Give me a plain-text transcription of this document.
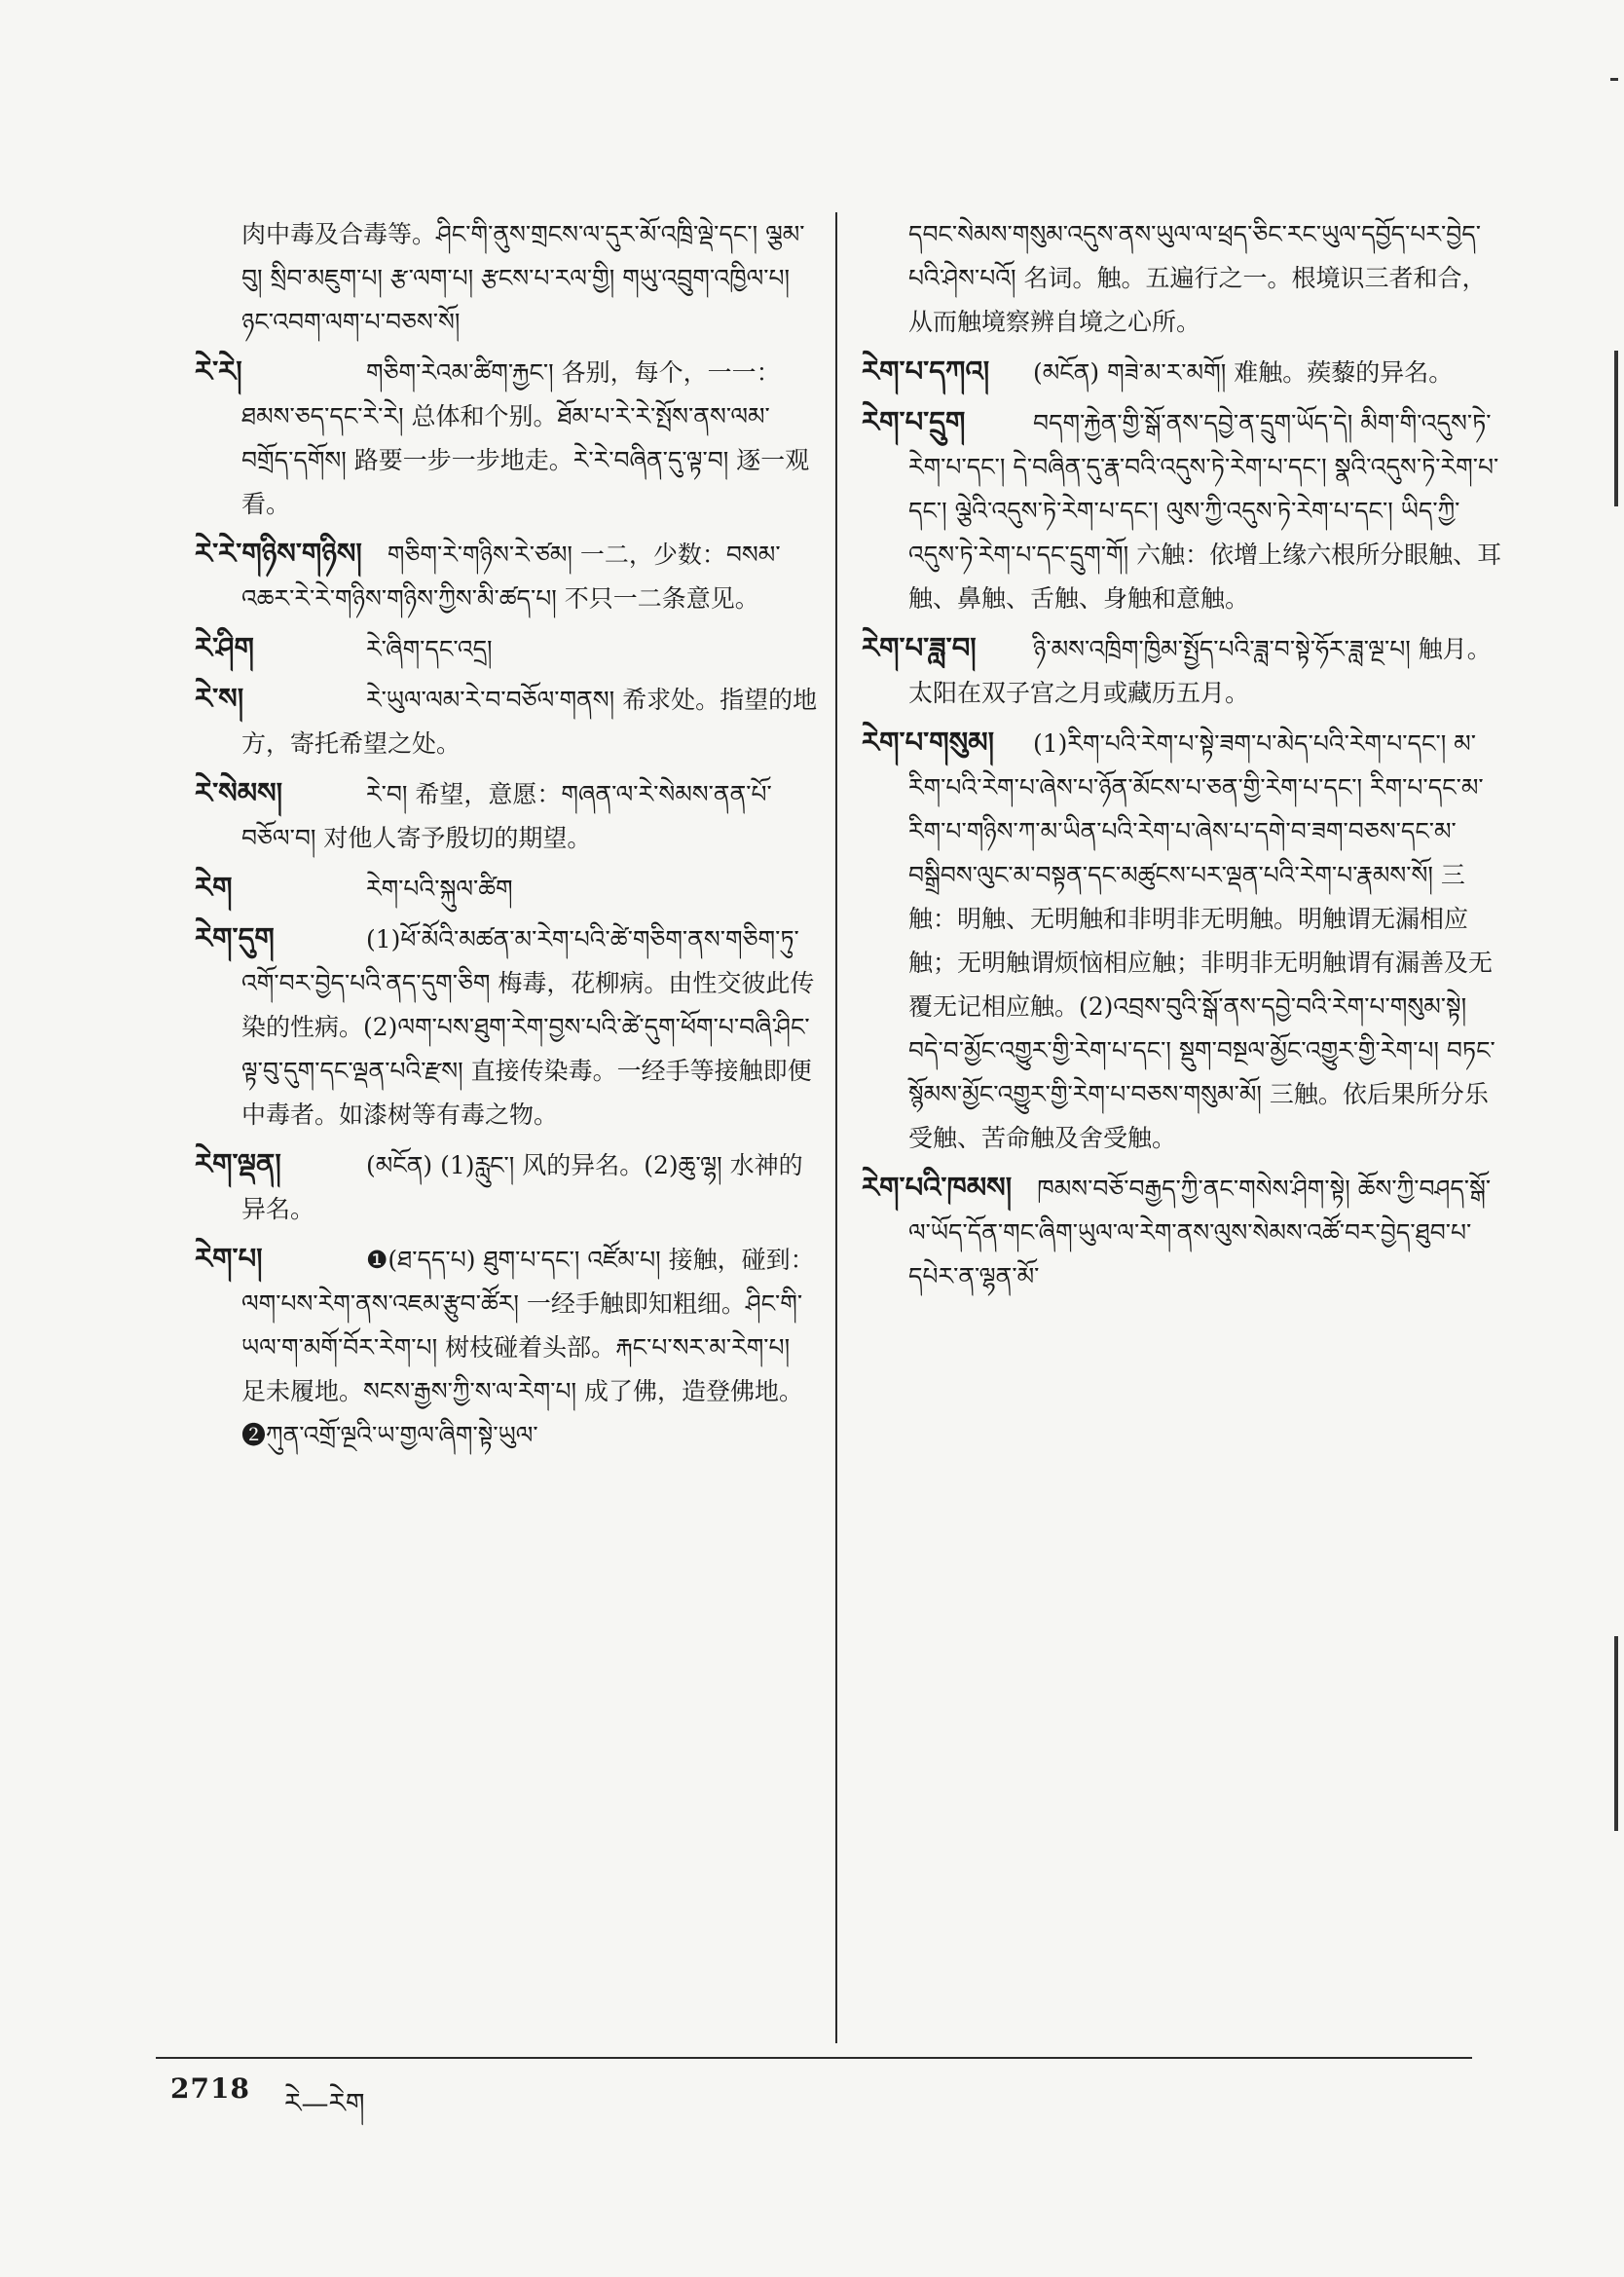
肉中毒及合毒等。ཤིང་གི་ནུས་གྲངས་ལ་དུར་མོ་འཁྲི་ལྡེ་དང་། ལྕམ་བུ། སྲིབ་མཇུག་པ། རྩ་ལག་པ། རྩངས་པ་རལ་གྱི། གཡུ་འབྲུག་འཁྱིལ་པ། ཉང་འབག་ལག་པ་བཅས་སོ།
རེ་རེ།	གཅིག་རེའམ་ཚིག་རྐྱང་། 各别，每个，一一：ཐམས་ཅད་དང་རེ་རེ། 总体和个别。ཐོམ་པ་རེ་རེ་སྤོས་ནས་ལམ་བགྲོད་དགོས། 路要一步一步地走。རེ་རེ་བཞིན་དུ་ལྟ་བ། 逐一观看。
རེ་རེ་གཉིས་གཉིས། གཅིག་རེ་གཉིས་རེ་ཙམ། 一二，少数：བསམ་འཆར་རེ་རེ་གཉིས་གཉིས་ཀྱིས་མི་ཚད་པ། 不只一二条意见。
རེ་ཤིག	རེ་ཞིག་དང་འདྲ།
རེ་ས།	རེ་ཡུལ་ལམ་རེ་བ་བཅོལ་གནས། 希求处。指望的地方，寄托希望之处。
རེ་སེམས།	རེ་བ། 希望，意愿：གཞན་ལ་རེ་སེམས་ནན་པོ་བཅོལ་བ། 对他人寄予殷切的期望。
རེག	རེག་པའི་སྐུལ་ཚིག
རེག་དུག	(1)ཕོ་མོའི་མཚན་མ་རེག་པའི་ཚེ་གཅིག་ནས་གཅིག་ཏུ་འགོ་བར་བྱེད་པའི་ནད་དུག་ཅིག 梅毒，花柳病。由性交彼此传染的性病。(2)ལག་པས་ཐུག་རེག་བྱས་པའི་ཚེ་དུག་ཕོག་པ་བཞི་ཤིང་ལྟ་བུ་དུག་དང་ལྡན་པའི་རྫས། 直接传染毒。一经手等接触即便中毒者。如漆树等有毒之物。
རེག་ལྡན།	(མངོན) (1)རླུང་། 风的异名。(2)ཆུ་ལྷ། 水神的异名。
རེག་པ།	❶(ཐ་དད་པ) ཐུག་པ་དང་། འཛོམ་པ། 接触，碰到：ལག་པས་རེག་ནས་འཇམ་རྩུབ་ཚོར། 一经手触即知粗细。ཤིང་གི་ཡལ་ག་མགོ་བོར་རེག་པ། 树枝碰着头部。རྐང་པ་སར་མ་རེག་པ། 足未履地。སངས་རྒྱས་ཀྱི་ས་ལ་རེག་པ། 成了佛，造登佛地。❷ཀུན་འགྲོ་ལྔའི་ཡ་གྱལ་ཞིག་སྟེ་ཡུལ་
དབང་སེམས་གསུམ་འདུས་ནས་ཡུལ་ལ་ཕྲད་ཅིང་རང་ཡུལ་དབྱོད་པར་བྱེད་པའི་ཤེས་པའོ། 名词。触。五遍行之一。根境识三者和合，从而触境察辨自境之心所。
རེག་པ་དཀའ། (མངོན) གཟེ་མ་ར་མགོ། 难触。蒺藜的异名。
རེག་པ་དྲུག	བདག་རྐྱེན་གྱི་སྒོ་ནས་དབྱེ་ན་དྲུག་ཡོད་དེ། མིག་གི་འདུས་ཏེ་རེག་པ་དང་། དེ་བཞིན་དུ་རྣ་བའི་འདུས་ཏེ་རེག་པ་དང་། སྣའི་འདུས་ཏེ་རེག་པ་དང་། ལྕེའི་འདུས་ཏེ་རེག་པ་དང་། ལུས་ཀྱི་འདུས་ཏེ་རེག་པ་དང་། ཡིད་ཀྱི་འདུས་ཏེ་རེག་པ་དང་དྲུག་གོ། 六触：依增上缘六根所分眼触、耳触、鼻触、舌触、身触和意触。
རེག་པ་ཟླ་བ། ཉི་མས་འཁྲིག་ཁྱིམ་སྤྱོད་པའི་ཟླ་བ་སྟེ་ཧོར་ཟླ་ལྔ་པ། 触月。太阳在双子宫之月或藏历五月。
རེག་པ་གསུམ། (1)རིག་པའི་རེག་པ་སྟེ་ཟག་པ་མེད་པའི་རེག་པ་དང་། མ་རིག་པའི་རེག་པ་ཞེས་པ་ཉོན་མོངས་པ་ཅན་གྱི་རེག་པ་དང་། རིག་པ་དང་མ་རིག་པ་གཉིས་ཀ་མ་ཡིན་པའི་རེག་པ་ཞེས་པ་དགེ་བ་ཟག་བཅས་དང་མ་བསྒྲིབས་ལུང་མ་བསྟན་དང་མཚུངས་པར་ལྡན་པའི་རེག་པ་རྣམས་སོ། 三触：明触、无明触和非明非无明触。明触谓无漏相应触；无明触谓烦恼相应触；非明非无明触谓有漏善及无覆无记相应触。(2)འབྲས་བུའི་སྒོ་ནས་དབྱེ་བའི་རེག་པ་གསུམ་སྟེ། བདེ་བ་མྱོང་འགྱུར་གྱི་རེག་པ་དང་། སྡུག་བསྔལ་མྱོང་འགྱུར་གྱི་རེག་པ། བཏང་སྙོམས་མྱོང་འགྱུར་གྱི་རེག་པ་བཅས་གསུམ་མོ། 三触。依后果所分乐受触、苦命触及舍受触。
རེག་པའི་ཁམས། ཁམས་བཅོ་བརྒྱད་ཀྱི་ནང་གསེས་ཤིག་སྟེ། ཆོས་ཀྱི་བཤད་སྒོ་ལ་ཡོད་དོན་གང་ཞིག་ཡུལ་ལ་རེག་ནས་ལུས་སེམས་འཚོ་བར་བྱེད་ཐུབ་པ་དཔེར་ན་ལྷན་མོ་
2718 རེ—རེག
